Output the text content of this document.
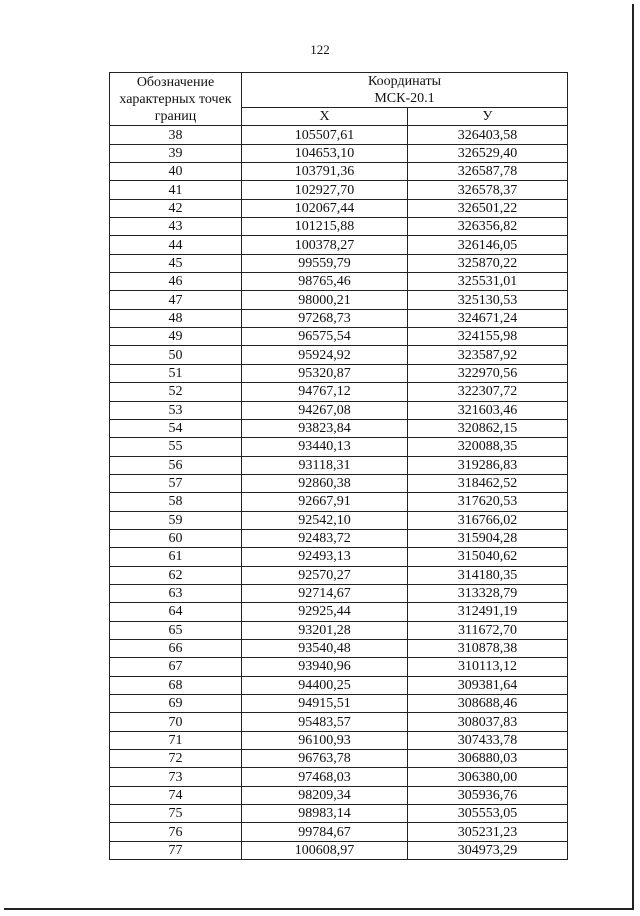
122
Обозначение характерных точек границ	Координаты
МСК-20.1	
	Х	У
38	105507,61	326403,58
39	104653,10	326529,40
40	103791,36	326587,78
41	102927,70	326578,37
42	102067,44	326501,22
43	101215,88	326356,82
44	100378,27	326146,05
45	99559,79	325870,22
46	98765,46	325531,01
47	98000,21	325130,53
48	97268,73	324671,24
49	96575,54	324155,98
50	95924,92	323587,92
51	95320,87	322970,56
52	94767,12	322307,72
53	94267,08	321603,46
54	93823,84	320862,15
55	93440,13	320088,35
56	93118,31	319286,83
57	92860,38	318462,52
58	92667,91	317620,53
59	92542,10	316766,02
60	92483,72	315904,28
61	92493,13	315040,62
62	92570,27	314180,35
63	92714,67	313328,79
64	92925,44	312491,19
65	93201,28	311672,70
66	93540,48	310878,38
67	93940,96	310113,12
68	94400,25	309381,64
69	94915,51	308688,46
70	95483,57	308037,83
71	96100,93	307433,78
72	96763,78	306880,03
73	97468,03	306380,00
74	98209,34	305936,76
75	98983,14	305553,05
76	99784,67	305231,23
77	100608,97	304973,29
